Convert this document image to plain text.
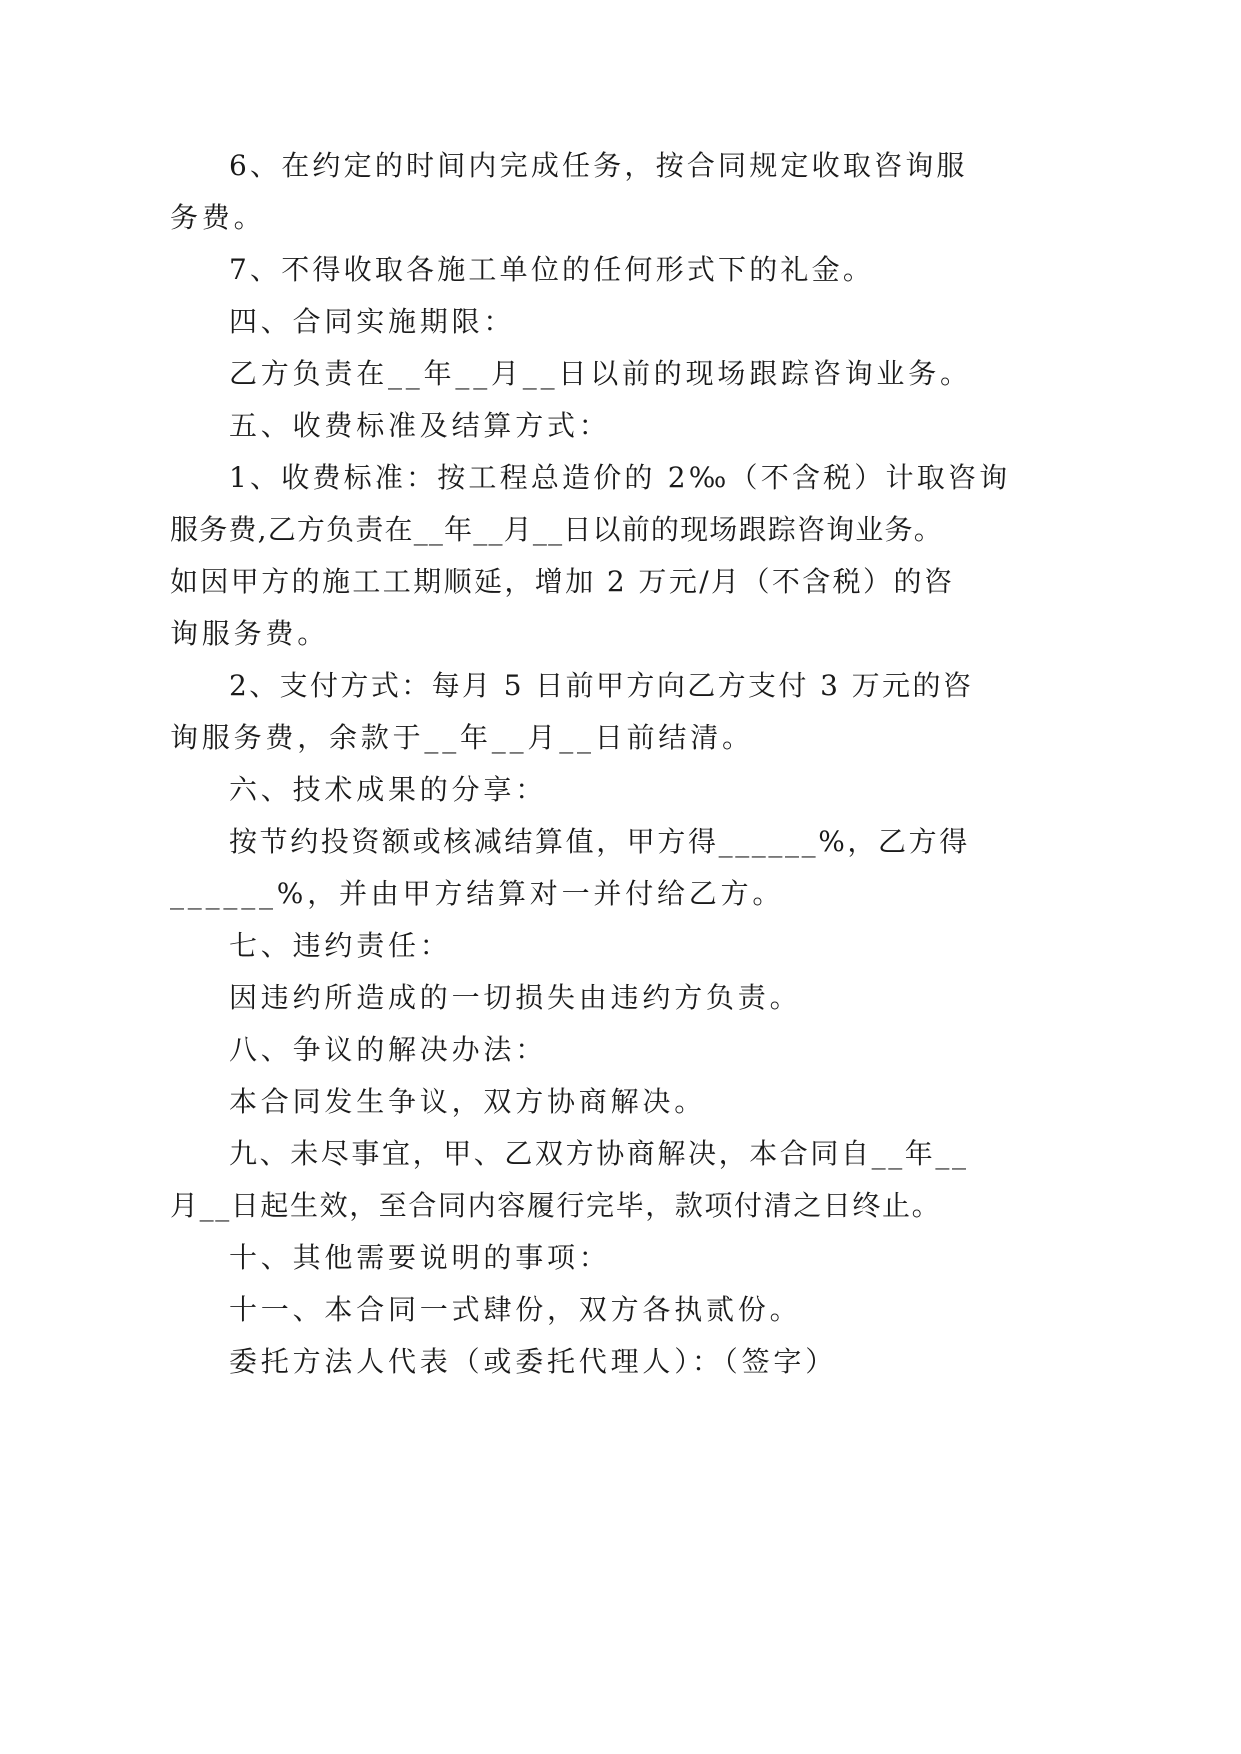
6、在约定的时间内完成任务，按合同规定收取咨询服
务费。
7、不得收取各施工单位的任何形式下的礼金。
四、合同实施期限：
乙方负责在__年__月__日以前的现场跟踪咨询业务。
五、收费标准及结算方式：
1、收费标准：按工程总造价的 2‰（不含税）计取咨询
服务费,乙方负责在__年__月__日以前的现场跟踪咨询业务。
如因甲方的施工工期顺延，增加 2 万元/月（不含税）的咨
询服务费。
2、支付方式：每月 5 日前甲方向乙方支付 3 万元的咨
询服务费，余款于__年__月__日前结清。
六、技术成果的分享：
按节约投资额或核减结算值，甲方得______%，乙方得
______%，并由甲方结算对一并付给乙方。
七、违约责任：
因违约所造成的一切损失由违约方负责。
八、争议的解决办法：
本合同发生争议，双方协商解决。
九、未尽事宜，甲、乙双方协商解决，本合同自__年__
月__日起生效，至合同内容履行完毕，款项付清之日终止。
十、其他需要说明的事项：
十一、本合同一式肆份，双方各执贰份。
委托方法人代表（或委托代理人）：（签字）
